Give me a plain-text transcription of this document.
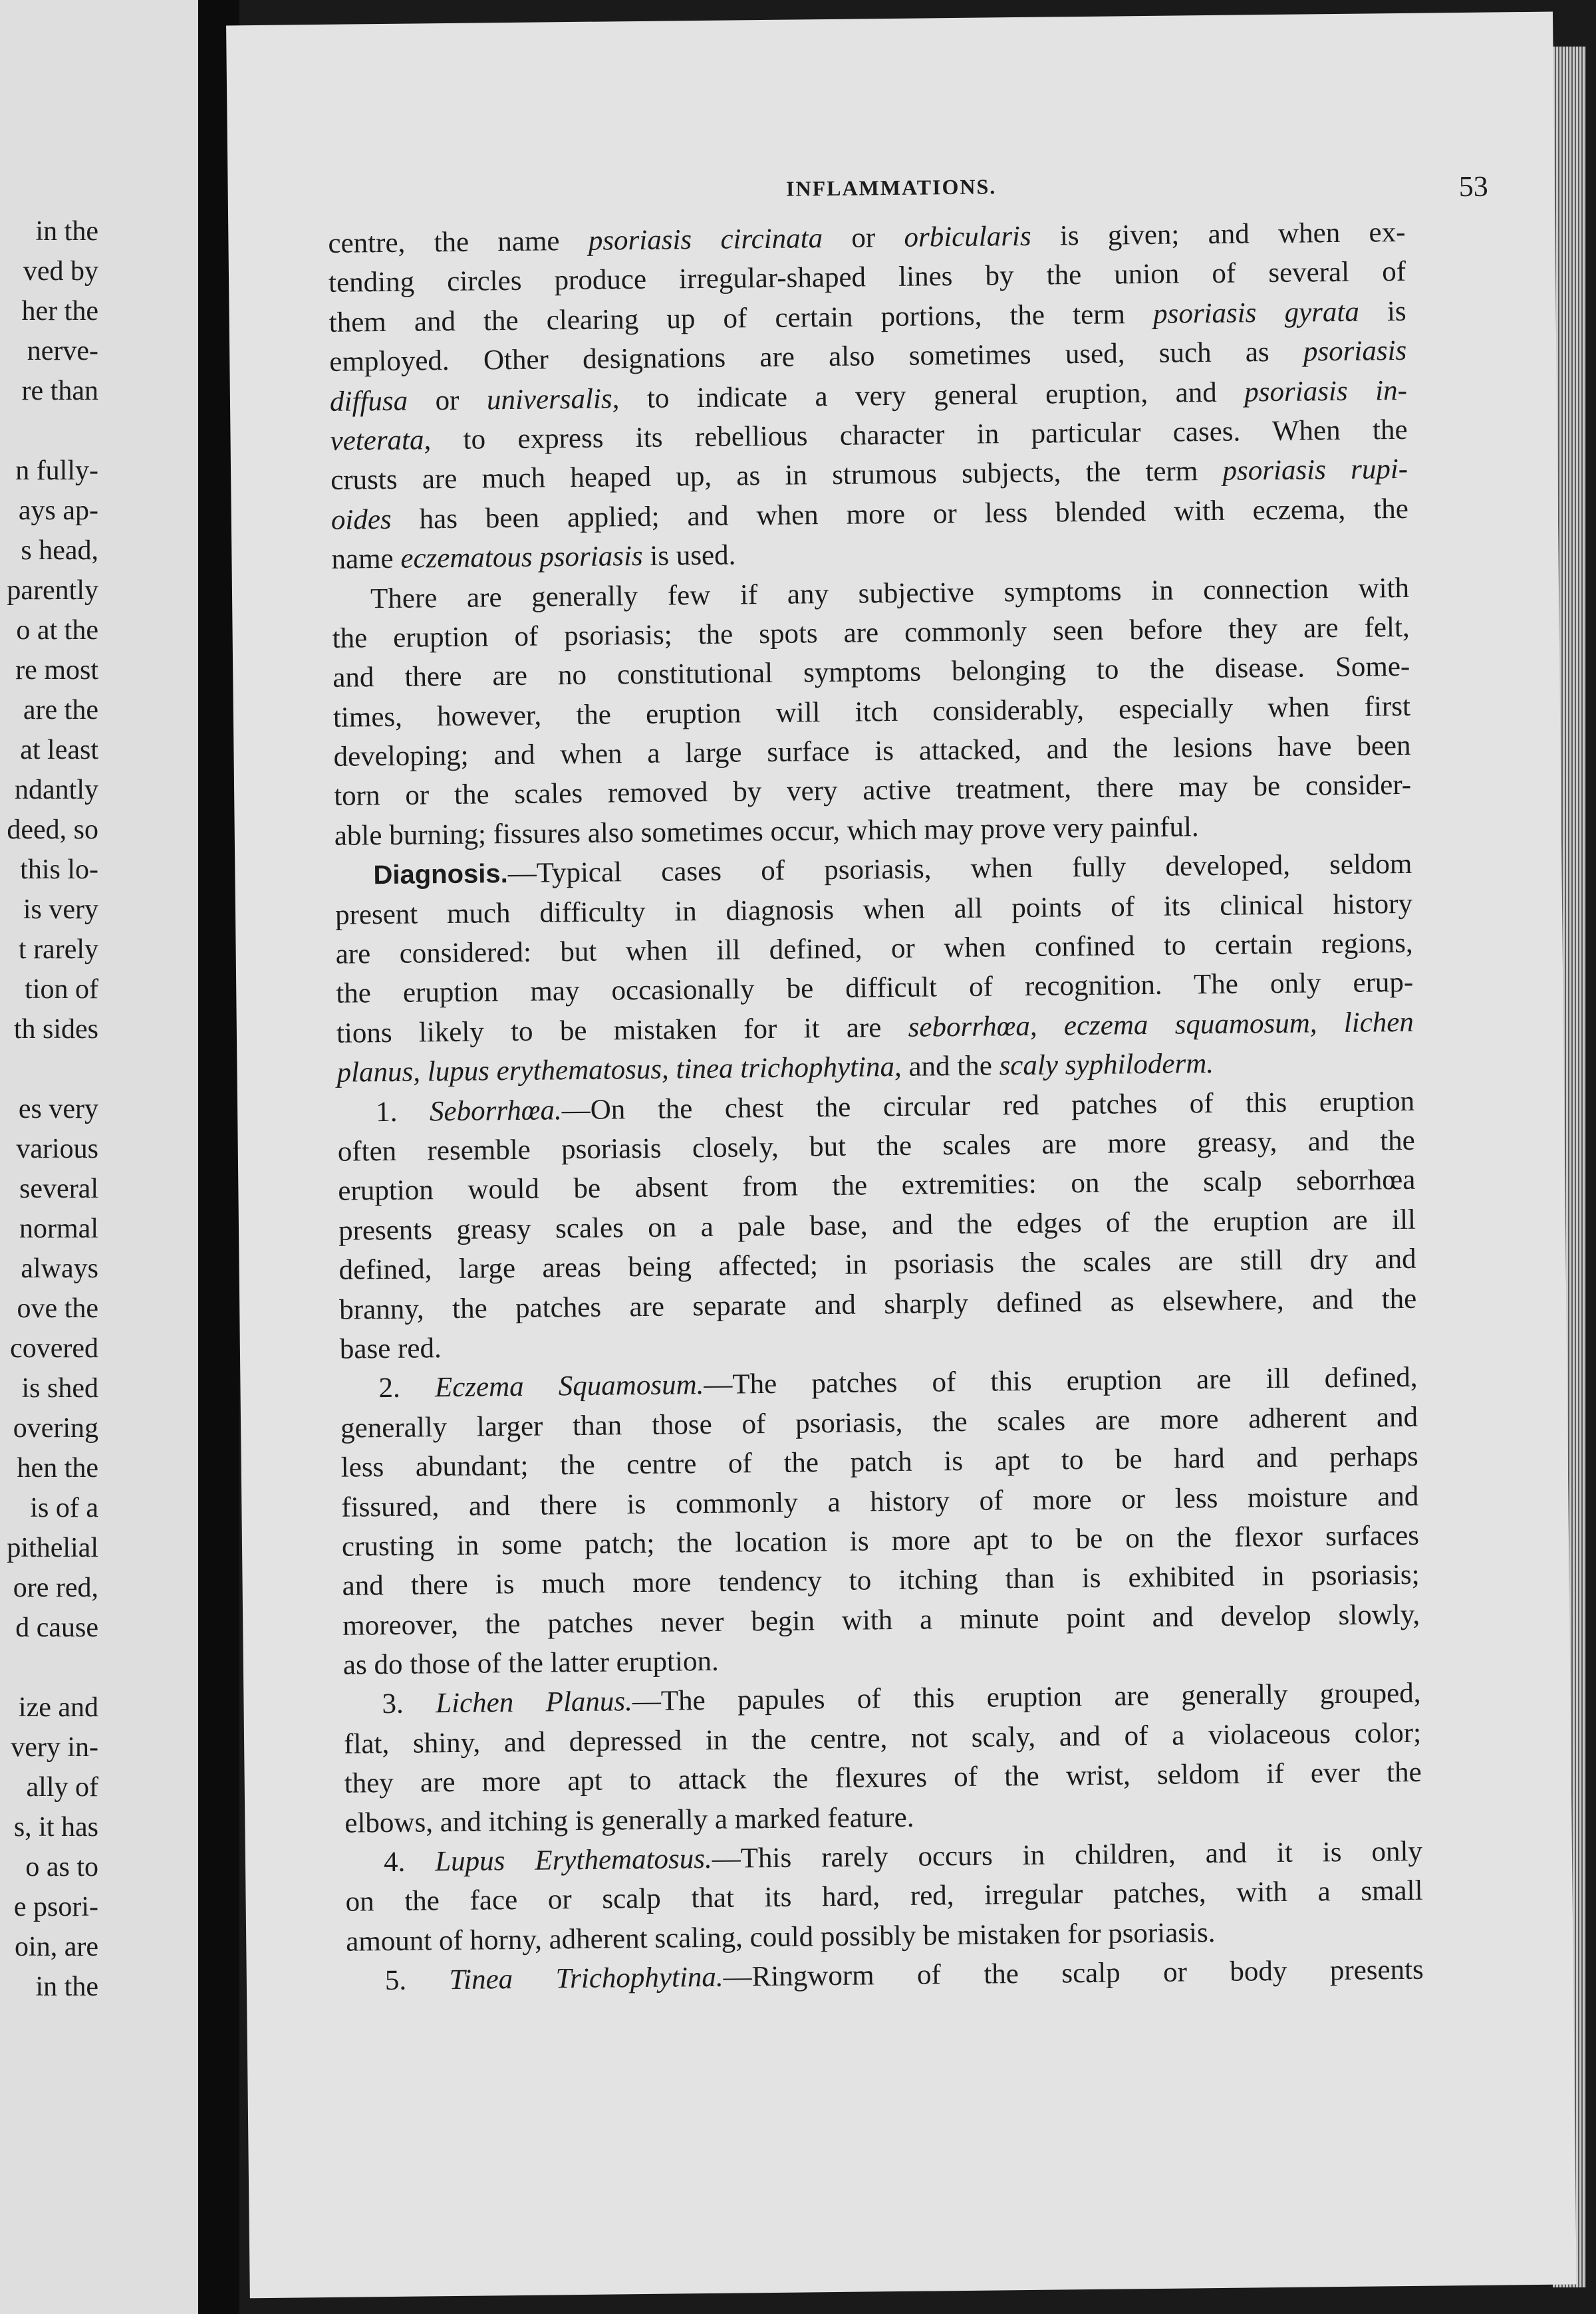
in the
ved by
her the
nerve-
re than
n fully-
ays ap-
s head,
parently
o at the
re most
are the
at least
ndantly
deed, so
this lo-
is very
t rarely
tion of
th sides
es very
various
several
normal
always
ove the
covered
is shed
overing
hen the
is of a
pithelial
ore red,
d cause
ize and
very in-
ally of
s, it has
o as to
e psori-
oin, are
in the
INFLAMMATIONS.	53
centre, the name psoriasis circinata or orbicularis is given; and when ex-
tending circles produce irregular-shaped lines by the union of several of
them and the clearing up of certain portions, the term psoriasis gyrata is
employed. Other designations are also sometimes used, such as psoriasis
diffusa or universalis, to indicate a very general eruption, and psoriasis in-
veterata, to express its rebellious character in particular cases. When the
crusts are much heaped up, as in strumous subjects, the term psoriasis rupi-
oides has been applied; and when more or less blended with eczema, the
name eczematous psoriasis is used.
There are generally few if any subjective symptoms in connection with
the eruption of psoriasis; the spots are commonly seen before they are felt,
and there are no constitutional symptoms belonging to the disease. Some-
times, however, the eruption will itch considerably, especially when first
developing; and when a large surface is attacked, and the lesions have been
torn or the scales removed by very active treatment, there may be consider-
able burning; fissures also sometimes occur, which may prove very painful.
Diagnosis.—Typical cases of psoriasis, when fully developed, seldom
present much difficulty in diagnosis when all points of its clinical history
are considered: but when ill defined, or when confined to certain regions,
the eruption may occasionally be difficult of recognition. The only erup-
tions likely to be mistaken for it are seborrhœa, eczema squamosum, lichen
planus, lupus erythematosus, tinea trichophytina, and the scaly syphiloderm.
1. Seborrhœa.—On the chest the circular red patches of this eruption
often resemble psoriasis closely, but the scales are more greasy, and the
eruption would be absent from the extremities: on the scalp seborrhœa
presents greasy scales on a pale base, and the edges of the eruption are ill
defined, large areas being affected; in psoriasis the scales are still dry and
branny, the patches are separate and sharply defined as elsewhere, and the
base red.
2. Eczema Squamosum.—The patches of this eruption are ill defined,
generally larger than those of psoriasis, the scales are more adherent and
less abundant; the centre of the patch is apt to be hard and perhaps
fissured, and there is commonly a history of more or less moisture and
crusting in some patch; the location is more apt to be on the flexor surfaces
and there is much more tendency to itching than is exhibited in psoriasis;
moreover, the patches never begin with a minute point and develop slowly,
as do those of the latter eruption.
3. Lichen Planus.—The papules of this eruption are generally grouped,
flat, shiny, and depressed in the centre, not scaly, and of a violaceous color;
they are more apt to attack the flexures of the wrist, seldom if ever the
elbows, and itching is generally a marked feature.
4. Lupus Erythematosus.—This rarely occurs in children, and it is only
on the face or scalp that its hard, red, irregular patches, with a small
amount of horny, adherent scaling, could possibly be mistaken for psoriasis.
5. Tinea Trichophytina.—Ringworm of the scalp or body presents
